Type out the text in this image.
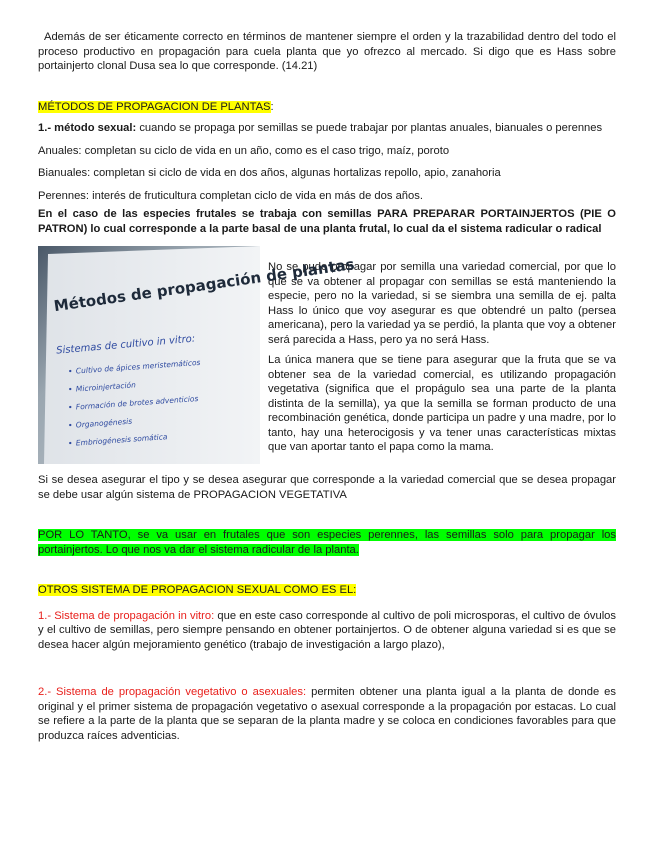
Además de ser éticamente correcto en términos de mantener siempre el orden y la trazabilidad dentro del todo el proceso productivo en propagación para cuela planta que yo ofrezco al mercado. Si digo que es Hass sobre portainjerto clonal Dusa sea lo que corresponde. (14.21)

MÉTODOS DE PROPAGACION DE PLANTAS:

1.- método sexual: cuando se propaga por semillas se puede trabajar por plantas anuales, bianuales o perennes

Anuales: completan su ciclo de vida en un año, como es el caso trigo, maíz, poroto

Bianuales: completan si ciclo de vida en dos años, algunas hortalizas repollo, apio, zanahoria

Perennes: interés de fruticultura completan ciclo de vida en más de dos años.

En el caso de las especies frutales se trabaja con semillas PARA PREPARAR PORTAINJERTOS (PIE O PATRON) lo cual corresponde a la parte basal de una planta frutal, lo cual da el sistema radicular o radical

Métodos de propagación de plantas
Sistemas de cultivo in vitro:
• Cultivo de ápices meristemáticos
• Microinjertación
• Formación de brotes adventicios
• Organogénesis
• Embriogénesis somática

No se pude propagar por semilla una variedad comercial, por que lo que se va obtener al propagar con semillas se está manteniendo la especie, pero no la variedad, si se siembra una semilla de ej. palta Hass lo único que voy asegurar es que obtendré un palto (persea americana), pero la variedad ya se perdió, la planta que voy a obtener será parecida a Hass, pero ya no será Hass.

La única manera que se tiene para asegurar que la fruta que se va obtener sea de la variedad comercial, es utilizando propagación vegetativa (significa que el propágulo sea una parte de la planta distinta de la semilla), ya que la semilla se forman producto de una recombinación genética, donde participa un padre y una madre, por lo tanto, hay una heterocigosis y va tener unas características mixtas que van aportar tanto el papa como la mama.

Si se desea asegurar el tipo y se desea asegurar que corresponde a la variedad comercial que se desea propagar se debe usar algún sistema de PROPAGACION VEGETATIVA

POR LO TANTO, se va usar en frutales que son especies perennes, las semillas solo para propagar los portainjertos. Lo que nos va dar el sistema radicular de la planta.

OTROS SISTEMA DE PROPAGACION SEXUAL COMO ES EL:

1.- Sistema de propagación in vitro: que en este caso corresponde al cultivo de poli microsporas, el cultivo de óvulos y el cultivo de semillas, pero siempre pensando en obtener portainjertos. O de obtener alguna variedad si es que se desea hacer algún mejoramiento genético (trabajo de investigación a largo plazo),

2.- Sistema de propagación vegetativo o asexuales: permiten obtener una planta igual a la planta de donde es original y el primer sistema de propagación vegetativo o asexual corresponde a la propagación por estacas. Lo cual se refiere a la parte de la planta que se separan de la planta madre y se coloca en condiciones favorables para que produzca raíces adventicias.
